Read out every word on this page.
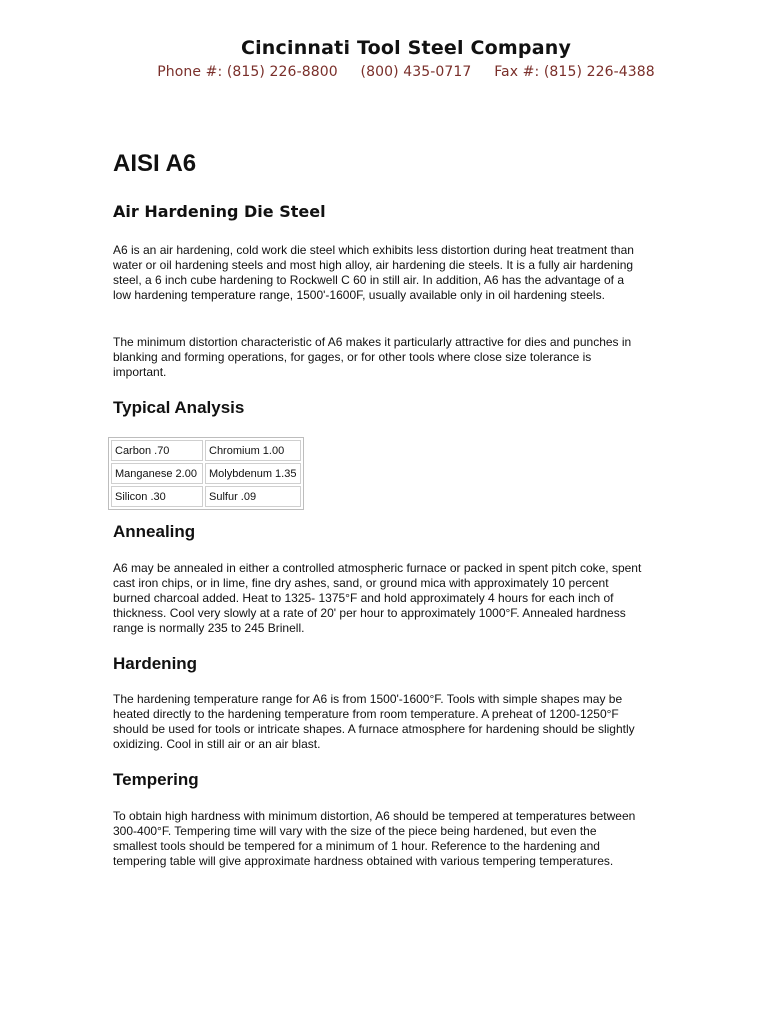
Cincinnati Tool Steel Company

Phone #: (815) 226-8800 (800) 435-0717 Fax #: (815) 226-4388

AISI A6
Air Hardening Die Steel

A6 is an air hardening, cold work die steel which exhibits less distortion during heat treatment than water or oil hardening steels and most high alloy, air hardening die steels. It is a fully air hardening steel, a 6 inch cube hardening to Rockwell C 60 in still air. In addition, A6 has the advantage of a low hardening temperature range, 1500'-1600F, usually available only in oil hardening steels.

The minimum distortion characteristic of A6 makes it particularly attractive for dies and punches in blanking and forming operations, for gages, or for other tools where close size tolerance is important.

Typical Analysis
Carbon .70	Chromium 1.00
Manganese 2.00	Molybdenum 1.35
Silicon .30	Sulfur .09
Annealing

A6 may be annealed in either a controlled atmospheric furnace or packed in spent pitch coke, spent cast iron chips, or in lime, fine dry ashes, sand, or ground mica with approximately 10 percent burned charcoal added. Heat to 1325- 1375°F and hold approximately 4 hours for each inch of thickness. Cool very slowly at a rate of 20' per hour to approximately 1000°F. Annealed hardness range is normally 235 to 245 Brinell.

Hardening

The hardening temperature range for A6 is from 1500'-1600°F. Tools with simple shapes may be heated directly to the hardening temperature from room temperature. A preheat of 1200-1250°F should be used for tools or intricate shapes. A furnace atmosphere for hardening should be slightly oxidizing. Cool in still air or an air blast.

Tempering

To obtain high hardness with minimum distortion, A6 should be tempered at temperatures between 300-400°F. Tempering time will vary with the size of the piece being hardened, but even the smallest tools should be tempered for a minimum of 1 hour. Reference to the hardening and tempering table will give approximate hardness obtained with various tempering temperatures.
